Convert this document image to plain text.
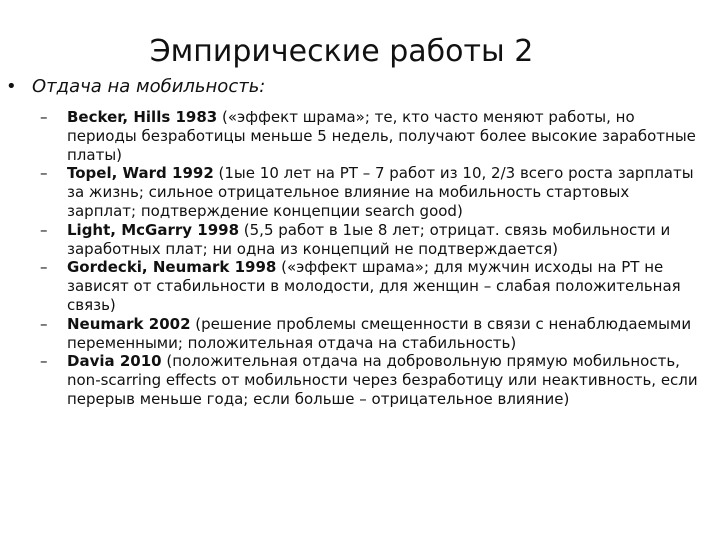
Эмпирические работы 2
• Отдача на мобильность:
– Becker, Hills 1983 («эффект шрама»; те, кто часто меняют работы, но периоды безработицы меньше 5 недель, получают более высокие заработные платы)
– Topel, Ward 1992 (1ые 10 лет на РТ – 7 работ из 10, 2/3 всего роста зарплаты за жизнь; сильное отрицательное влияние на мобильность стартовых зарплат; подтверждение концепции search good)
– Light, McGarry 1998 (5,5 работ в 1ые 8 лет; отрицат. связь мобильности и заработных плат; ни одна из концепций не подтверждается)
– Gordecki, Neumark 1998 («эффект шрама»; для мужчин исходы на РТ не зависят от стабильности в молодости, для женщин – слабая положительная связь)
– Neumark 2002 (решение проблемы смещенности в связи с ненаблюдаемыми переменными; положительная отдача на стабильность)
– Davia 2010 (положительная отдача на добровольную прямую мобильность, non-scarring effects от мобильности через безработицу или неактивность, если перерыв меньше года; если больше – отрицательное влияние)
